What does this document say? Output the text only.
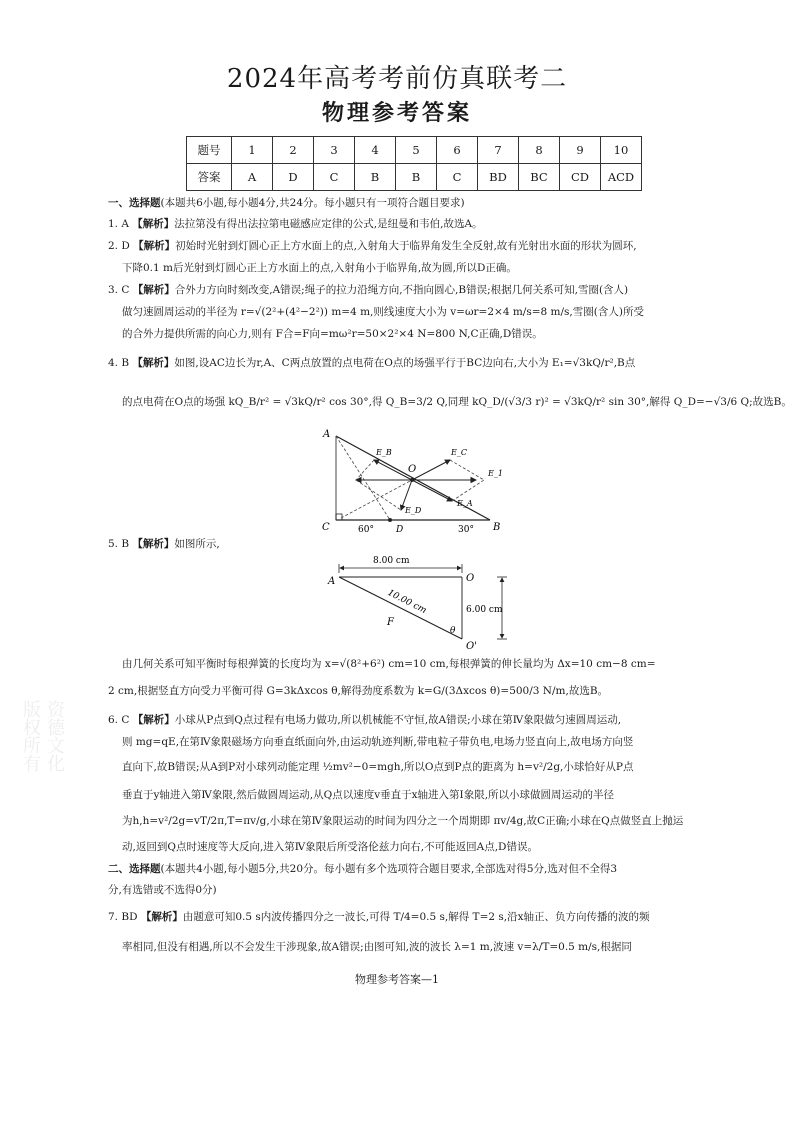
2024年高考考前仿真联考二
物理参考答案
题号	1	2	3	4	5	6	7	8	9	10
答案	A	D	C	B	B	C	BD	BC	CD	ACD
资德文化
版权所有
一、选择题(本题共6小题,每小题4分,共24分。每小题只有一项符合题目要求)
1. A 【解析】法拉第没有得出法拉第电磁感应定律的公式,是纽曼和韦伯,故选A。
2. D 【解析】初始时光射到灯圆心正上方水面上的点,入射角大于临界角发生全反射,故有光射出水面的形状为圆环,
下降0.1 m后光射到灯圆心正上方水面上的点,入射角小于临界角,故为圆,所以D正确。
3. C 【解析】合外力方向时刻改变,A错误;绳子的拉力沿绳方向,不指向圆心,B错误;根据几何关系可知,雪圈(含人)
做匀速圆周运动的半径为 r=√(2²+(4²−2²)) m=4 m,则线速度大小为 v=ωr=2×4 m/s=8 m/s,雪圈(含人)所受
的合外力提供所需的向心力,则有 F合=F向=mω²r=50×2²×4 N=800 N,C正确,D错误。
4. B 【解析】如图,设AC边长为r,A、C两点放置的点电荷在O点的场强平行于BC边向右,大小为 E₁=√3kQ/r²,B点
的点电荷在O点的场强 kQ_B/r² = √3kQ/r² cos 30°,得 Q_B=3/2 Q,同理 kQ_D/(√3/3 r)² = √3kQ/r² sin 30°,解得 Q_D=−√3/6 Q;故选B。
A
C	B
D
O
E_B	E_C
E_1
E_A
E_D
60°	30°
5. B 【解析】如图所示,
8.00 cm
6.00 cm
10.00 cm
A	O
O'
F
θ
由几何关系可知平衡时每根弹簧的长度均为 x=√(8²+6²) cm=10 cm,每根弹簧的伸长量均为 Δx=10 cm−8 cm=
2 cm,根据竖直方向受力平衡可得 G=3kΔxcos θ,解得劲度系数为 k=G/(3Δxcos θ)=500/3 N/m,故选B。
6. C 【解析】小球从P点到Q点过程有电场力做功,所以机械能不守恒,故A错误;小球在第Ⅳ象限做匀速圆周运动,
则 mg=qE,在第Ⅳ象限磁场方向垂直纸面向外,由运动轨迹判断,带电粒子带负电,电场力竖直向上,故电场方向竖
直向下,故B错误;从A到P对小球列动能定理 ½mv²−0=mgh,所以O点到P点的距离为 h=v²/2g,小球恰好从P点
垂直于y轴进入第Ⅳ象限,然后做圆周运动,从Q点以速度v垂直于x轴进入第Ⅰ象限,所以小球做圆周运动的半径
为h,h=v²/2g=vT/2π,T=πv/g,小球在第Ⅳ象限运动的时间为四分之一个周期即 πv/4g,故C正确;小球在Q点做竖直上抛运
动,返回到Q点时速度等大反向,进入第Ⅳ象限后所受洛伦兹力向右,不可能返回A点,D错误。
二、选择题(本题共4小题,每小题5分,共20分。每小题有多个选项符合题目要求,全部选对得5分,选对但不全得3
分,有选错或不选得0分)
7. BD 【解析】由题意可知0.5 s内波传播四分之一波长,可得 T/4=0.5 s,解得 T=2 s,沿x轴正、负方向传播的波的频
率相同,但没有相遇,所以不会发生干涉现象,故A错误;由图可知,波的波长 λ=1 m,波速 v=λ/T=0.5 m/s,根据同
物理参考答案—1
